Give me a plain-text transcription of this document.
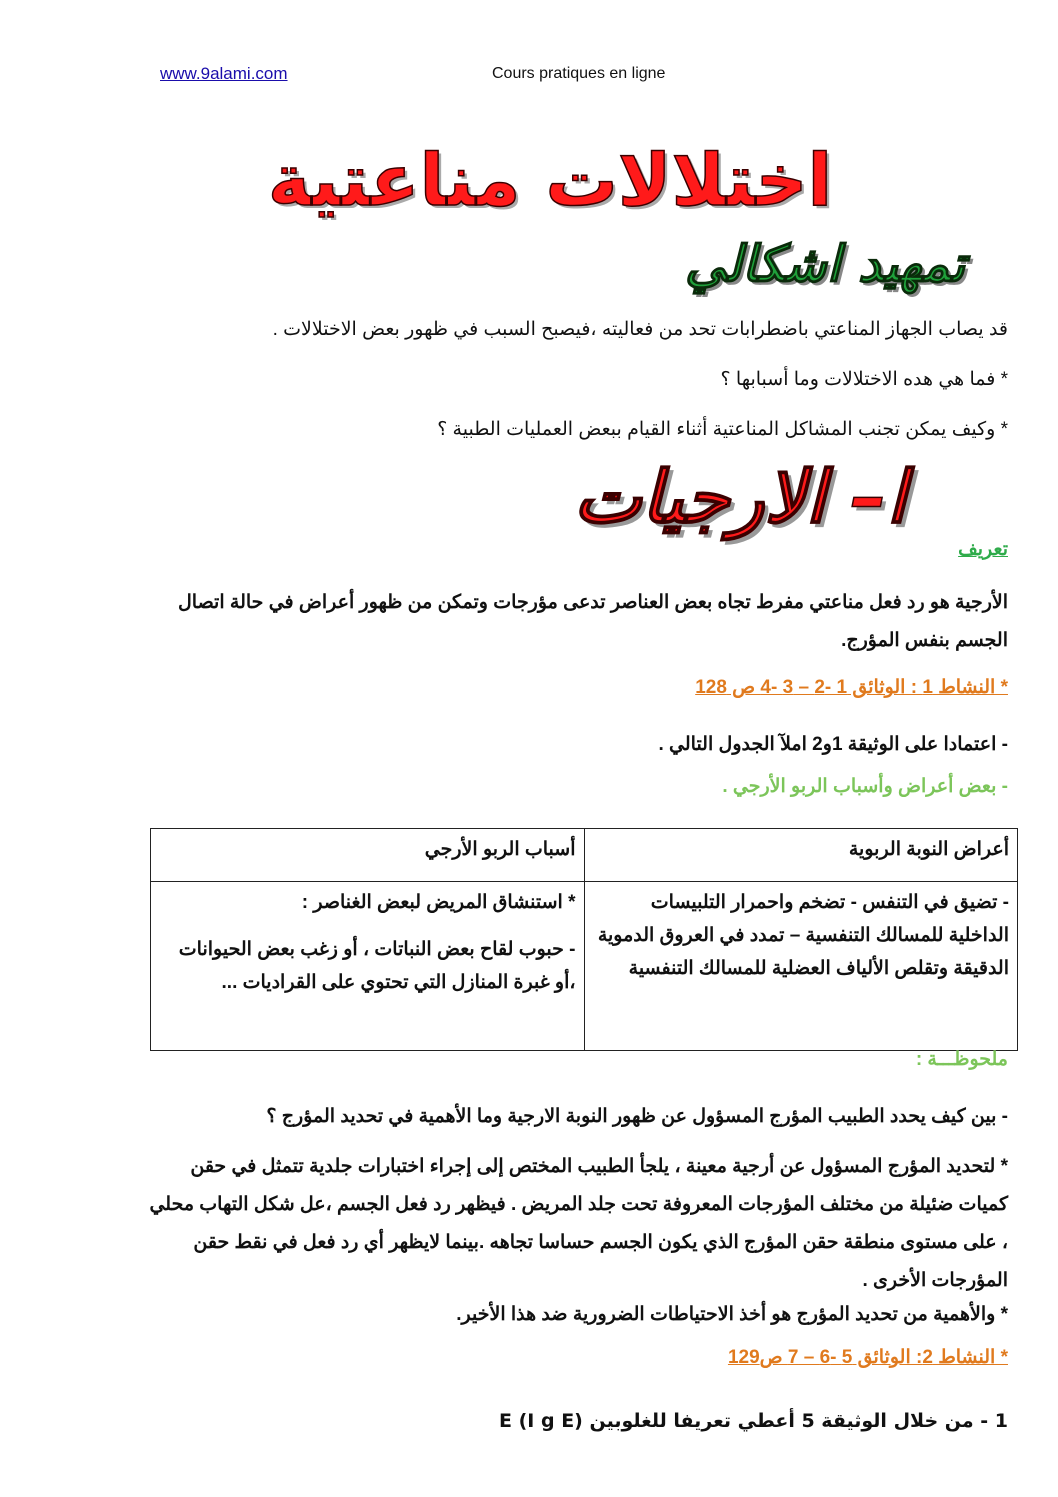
www.9alami.com	Cours pratiques en ligne
اختلالات مناعتية
تمهيد اشكالي
قد يصاب الجهاز المناعتي باضطرابات تحد من فعاليته ،فيصبح السبب في ظهور بعض الاختلالات .
* فما هي هده الاختلالات وما أسبابها ؟
* وكيف يمكن تجنب المشاكل المناعتية أثناء القيام ببعض العمليات الطبية ؟
ا– الارجيات
تعريف
الأرجية هو رد فعل مناعتي مفرط تجاه بعض العناصر تدعى مؤرجات وتمكن من ظهور أعراض في حالة اتصال الجسم بنفس المؤرج.
* النشاط 1 : الوثائق 1 -2 – 3 -4 ص 128
- اعتمادا على الوثيقة 1و2 املآ الجدول التالي .
- بعض أعراض وأسباب الربو الأرجي .
أعراض النوبة الربوية	أسباب الربو الأرجي
- تضيق في التنفس - تضخم واحمرار التلبيسات الداخلية للمسالك التنفسية – تمدد في العروق الدموية الدقيقة وتقلص الألياف العضلية للمسالك التنفسية	* استنشاق المريض لبعض الغناصر :
- حبوب لقاح بعض النباتات ، أو زغب بعض الحيوانات ،أو غبرة المنازل التي تحتوي على القراديات ...
ملحوظـــة :
- بين كيف يحدد الطبيب المؤرج المسؤول عن ظهور النوبة الارجية وما الأهمية في تحديد المؤرج ؟
* لتحديد المؤرج المسؤول عن أرجية معينة ، يلجأ الطبيب المختص إلى إجراء اختبارات جلدية تتمثل في حقن كميات ضئيلة من مختلف المؤرجات المعروفة تحت جلد المريض . فيظهر رد فعل الجسم ،عل شكل التهاب محلي ، على مستوى منطقة حقن المؤرج الذي يكون الجسم حساسا تجاهه .بينما لايظهر أي رد فعل في نقط حقن المؤرجات الأخرى .
* والأهمية من تحديد المؤرج هو أخذ الاحتياطات الضرورية ضد هذا الأخير.
* النشاط 2: الوثائق 5 -6 – 7 ص129
1 - من خلال الوثيقة 5 أعطي تعريفا للغلوبين E (I g E)
